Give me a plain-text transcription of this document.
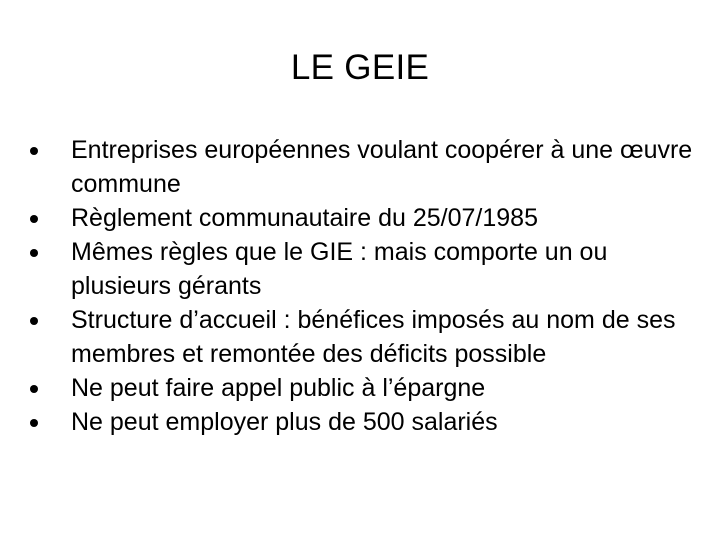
LE GEIE
Entreprises européennes voulant coopérer à une œuvre commune
Règlement communautaire du 25/07/1985
Mêmes règles que le GIE : mais comporte un ou plusieurs gérants
Structure d’accueil : bénéfices imposés au nom de ses membres et remontée des déficits possible
Ne peut faire appel public à l’épargne
Ne peut employer plus de 500 salariés
